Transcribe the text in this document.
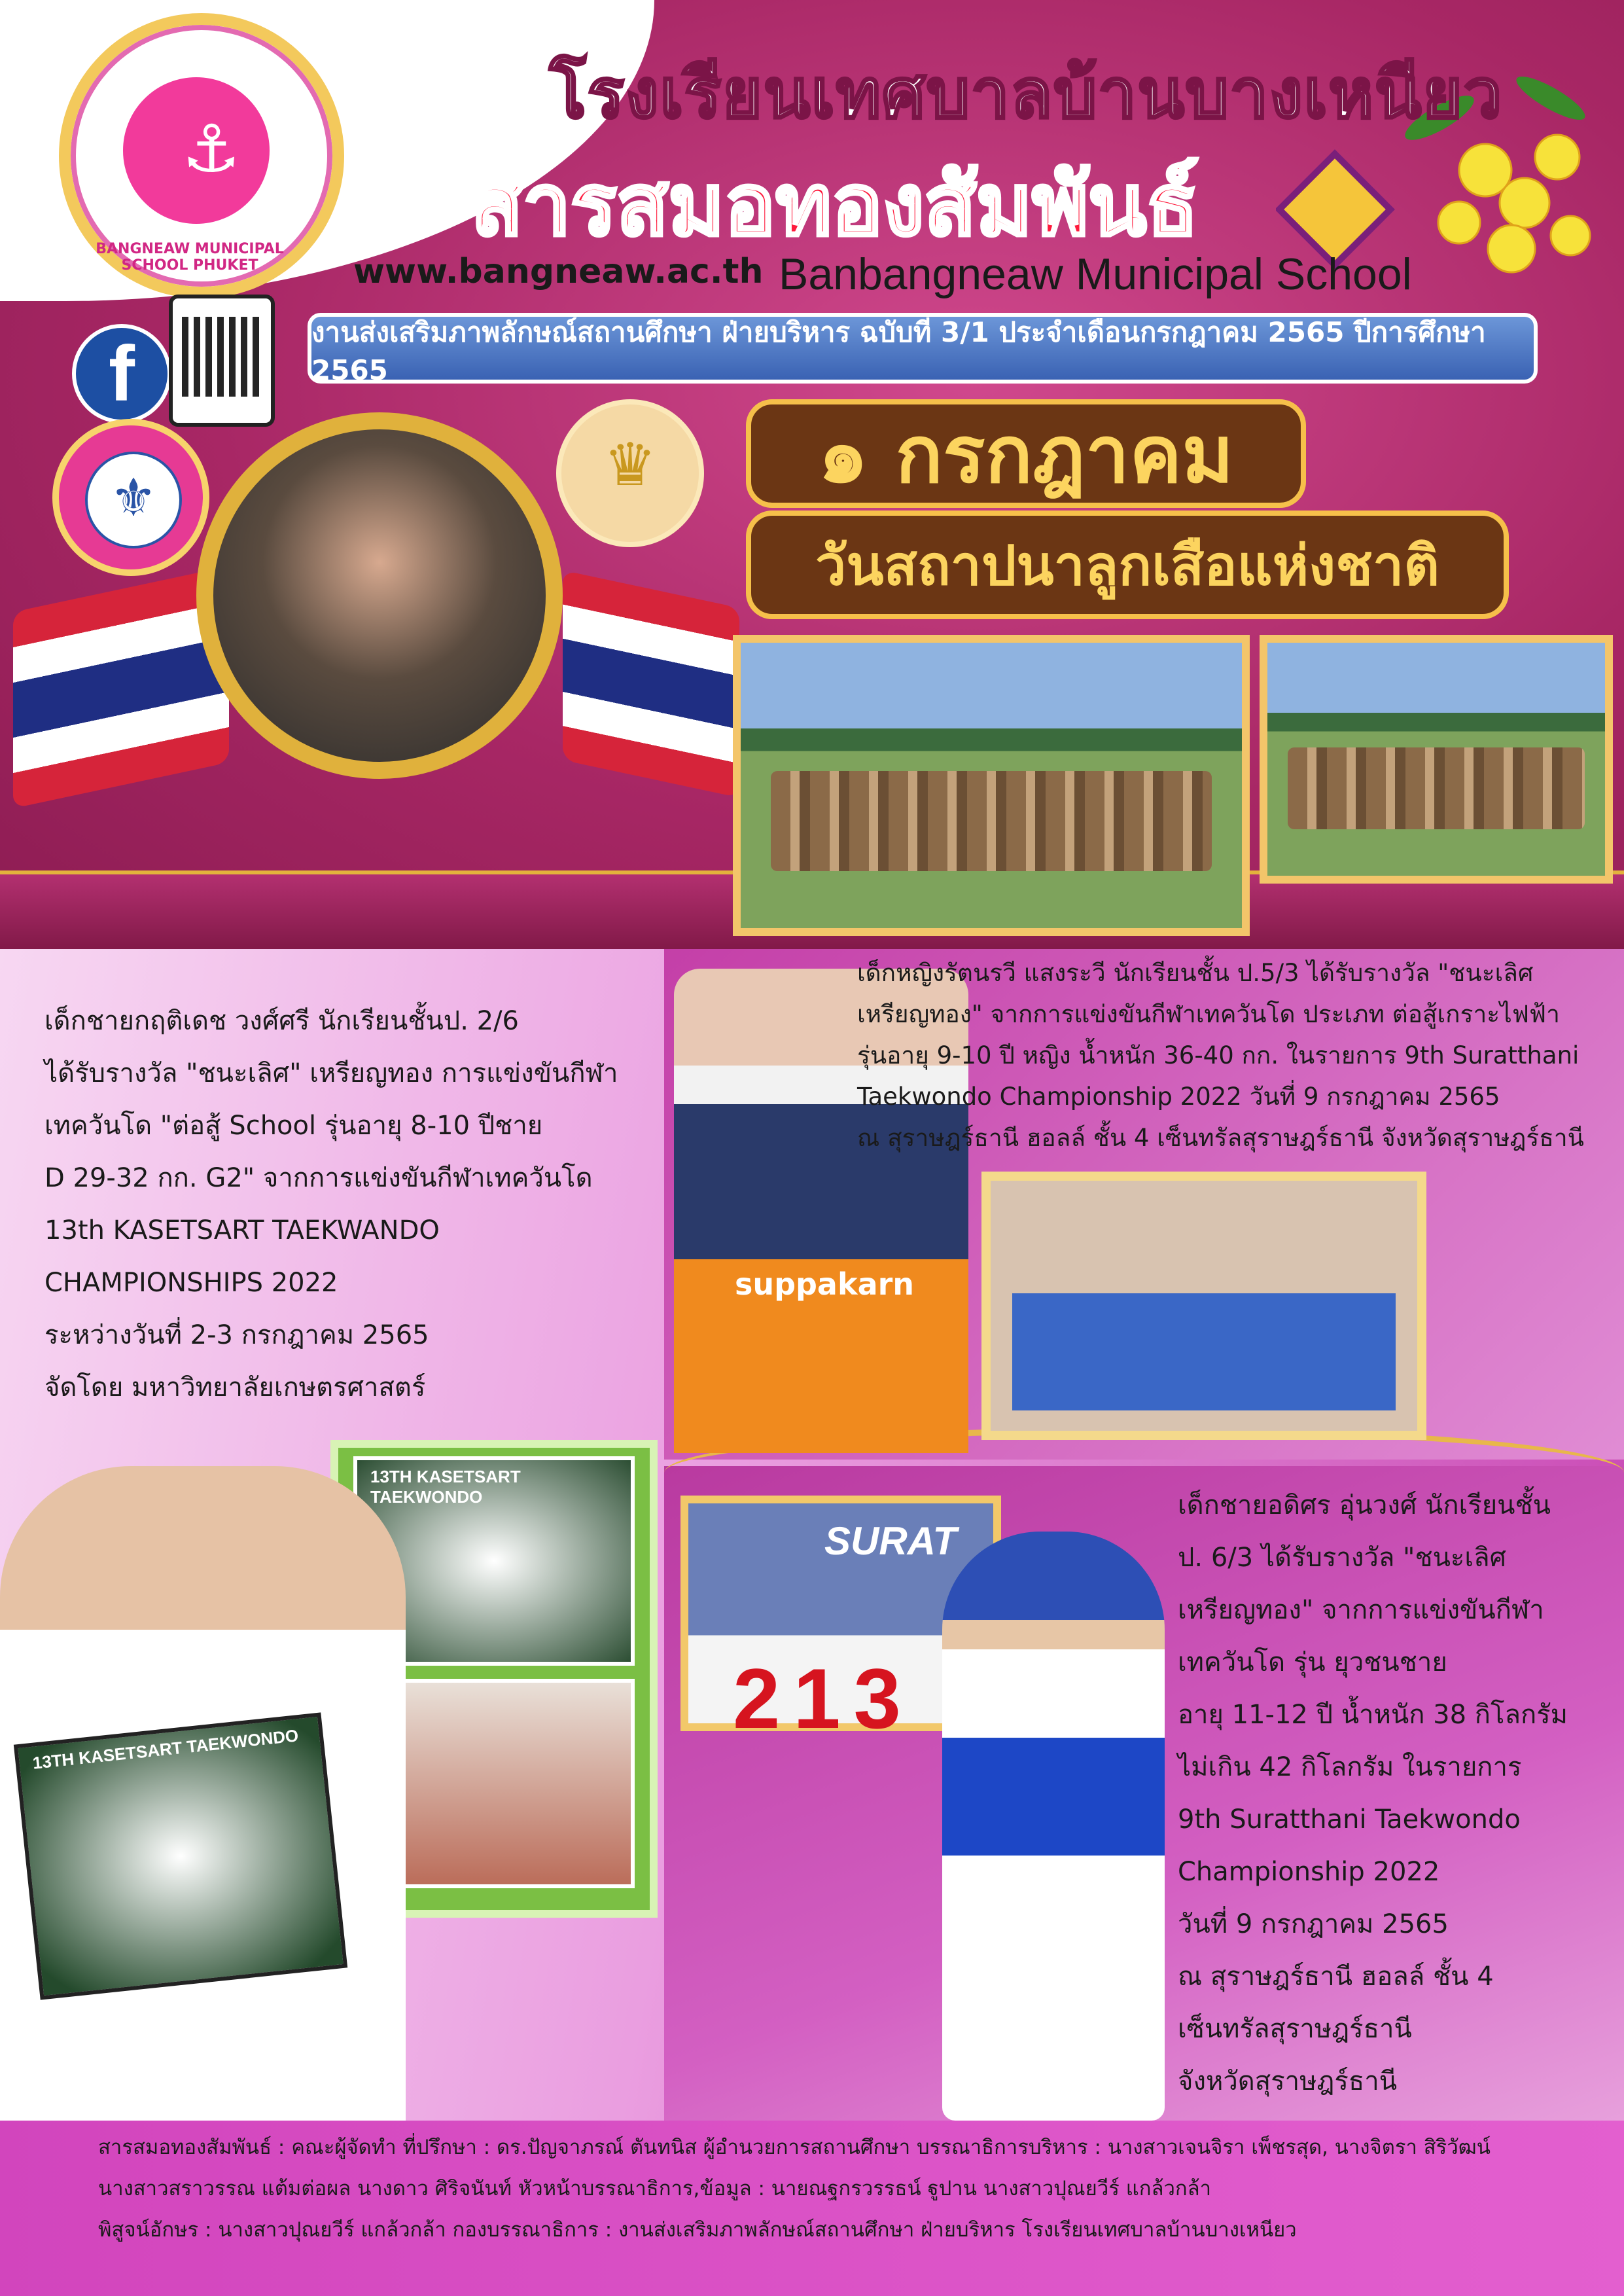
⚓
BANGNEAW MUNICIPAL SCHOOL PHUKET
โรงเรียนเทศบาลบ้านบางเหนียว
สารสมอทองสัมพันธ์
www.bangneaw.ac.th Banbangneaw Municipal School
งานส่งเสริมภาพลักษณ์สถานศึกษา ฝ่ายบริหาร ฉบับที่ 3/1 ประจำเดือนกรกฎาคม 2565 ปีการศึกษา 2565
f
⚜	♛	๑ กรกฎาคม
วันสถาปนาลูกเสือแห่งชาติ
suppakarn
13TH KASETSART TAEKWONDO
13TH KASETSART TAEKWONDO
SURAT
213

เด็กชายกฤติเดช วงศ์ศรี นักเรียนชั้นป. 2/6

ได้รับรางวัล "ชนะเลิศ" เหรียญทอง การแข่งขันกีฬา

เทควันโด "ต่อสู้ School รุ่นอายุ 8-10 ปีชาย

D 29-32 กก. G2" จากการแข่งขันกีฬาเทควันโด

13th KASETSART TAEKWANDO

CHAMPIONSHIPS 2022

ระหว่างวันที่ 2-3 กรกฎาคม 2565

จัดโดย มหาวิทยาลัยเกษตรศาสตร์

เด็กหญิงรัตนรวี แสงระวี นักเรียนชั้น ป.5/3 ได้รับรางวัล "ชนะเลิศ

เหรียญทอง" จากการแข่งขันกีฬาเทควันโด ประเภท ต่อสู้เกราะไฟฟ้า

รุ่นอายุ 9-10 ปี หญิง น้ำหนัก 36-40 กก. ในรายการ 9th Suratthani

Taekwondo Championship 2022 วันที่ 9 กรกฎาคม 2565

ณ สุราษฎร์ธานี ฮอลล์ ชั้น 4 เซ็นทรัลสุราษฎร์ธานี จังหวัดสุราษฎร์ธานี

เด็กชายอดิศร อุ่นวงศ์ นักเรียนชั้น

ป. 6/3 ได้รับรางวัล "ชนะเลิศ

เหรียญทอง" จากการแข่งขันกีฬา

เทควันโด รุ่น ยุวชนชาย

อายุ 11-12 ปี น้ำหนัก 38 กิโลกรัม

ไม่เกิน 42 กิโลกรัม ในรายการ

9th Suratthani Taekwondo

Championship 2022

วันที่ 9 กรกฎาคม 2565

ณ สุราษฎร์ธานี ฮอลล์ ชั้น 4

เซ็นทรัลสุราษฎร์ธานี

จังหวัดสุราษฎร์ธานี

สารสมอทองสัมพันธ์ : คณะผู้จัดทำ ที่ปรึกษา : ดร.ปัญจาภรณ์ ตันทนิส ผู้อำนวยการสถานศึกษา บรรณาธิการบริหาร : นางสาวเจนจิรา เพ็ชรสุด, นางจิตรา สิริวัฒน์

นางสาวสราวรรณ แต้มต่อผล นางดาว ศิริจนันท์ หัวหน้าบรรณาธิการ,ข้อมูล : นายณฐกรวรรธน์ ฐูปาน นางสาวปุณยวีร์ แกล้วกล้า

พิสูจน์อักษร : นางสาวปุณยวีร์ แกล้วกล้า กองบรรณาธิการ : งานส่งเสริมภาพลักษณ์สถานศึกษา ฝ่ายบริหาร โรงเรียนเทศบาลบ้านบางเหนียว
